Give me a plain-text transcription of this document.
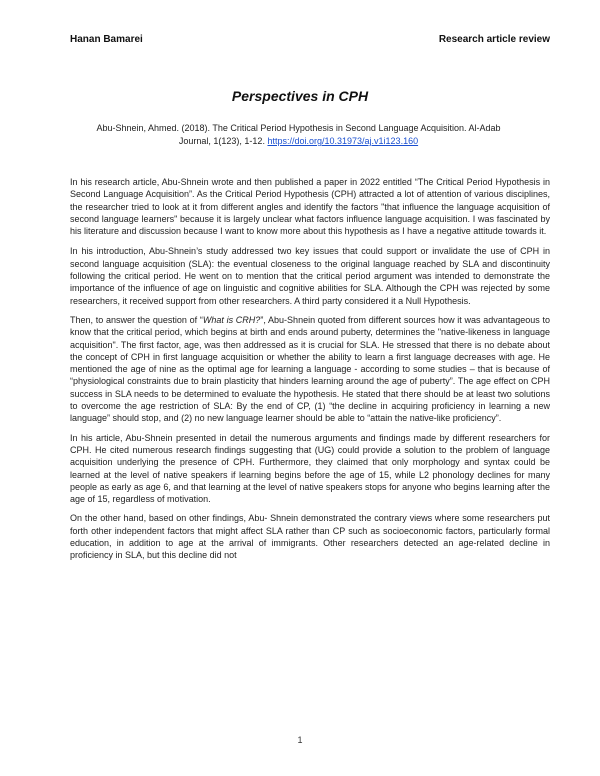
Hanan Bamarei	Research article review
Perspectives in CPH
Abu-Shnein, Ahmed. (2018). The Critical Period Hypothesis in Second Language Acquisition. Al-Adab Journal, 1(123), 1-12. https://doi.org/10.31973/aj.v1i123.160

In his research article, Abu-Shnein wrote and then published a paper in 2022 entitled “The Critical Period Hypothesis in Second Language Acquisition”. As the Critical Period Hypothesis (CPH) attracted a lot of attention of various disciplines, the researcher tried to look at it from different angles and identify the factors "that influence the language acquisition of second language learners" because it is largely unclear what factors influence language acquisition. I was fascinated by his literature and discussion because I want to know more about this hypothesis as I have a negative attitude towards it.

In his introduction, Abu-Shnein’s study addressed two key issues that could support or invalidate the use of CPH in second language acquisition (SLA): the eventual closeness to the original language reached by SLA and discontinuity following the critical period. He went on to mention that the critical period argument was intended to demonstrate the importance of the influence of age on linguistic and cognitive abilities for SLA. Although the CPH was rejected by some researchers, it received support from other researchers. A third party considered it a Null Hypothesis.

Then, to answer the question of “What is CRH?”, Abu-Shnein quoted from different sources how it was advantageous to know that the critical period, which begins at birth and ends around puberty, determines the "native-likeness in language acquisition". The first factor, age, was then addressed as it is crucial for SLA. He stressed that there is no debate about the concept of CPH in first language acquisition or whether the ability to learn a first language decreases with age. He mentioned the age of nine as the optimal age for learning a language - according to some studies – that is because of “physiological constraints due to brain plasticity that hinders learning around the age of puberty”. The age effect on CPH success in SLA needs to be determined to evaluate the hypothesis. He stated that there should be at least two solutions to overcome the age restriction of SLA: By the end of CP, (1) “the decline in acquiring proficiency in learning a new language” should stop, and (2) no new language learner should be able to “attain the native-like proficiency”.

In his article, Abu-Shnein presented in detail the numerous arguments and findings made by different researchers for CPH. He cited numerous research findings suggesting that (UG) could provide a solution to the problem of language acquisition underlying the presence of CPH. Furthermore, they claimed that only morphology and syntax could be learned at the level of native speakers if learning begins before the age of 15, while L2 phonology declines for many people as early as age 6, and that learning at the level of native speakers stops for anyone who begins learning after the age of 15, regardless of motivation.

On the other hand, based on other findings, Abu- Shnein demonstrated the contrary views where some researchers put forth other independent factors that might affect SLA rather than CP such as socioeconomic factors, particularly formal education, in addition to age at the arrival of immigrants. Other researchers detected an age-related decline in proficiency in SLA, but this decline did not

1
